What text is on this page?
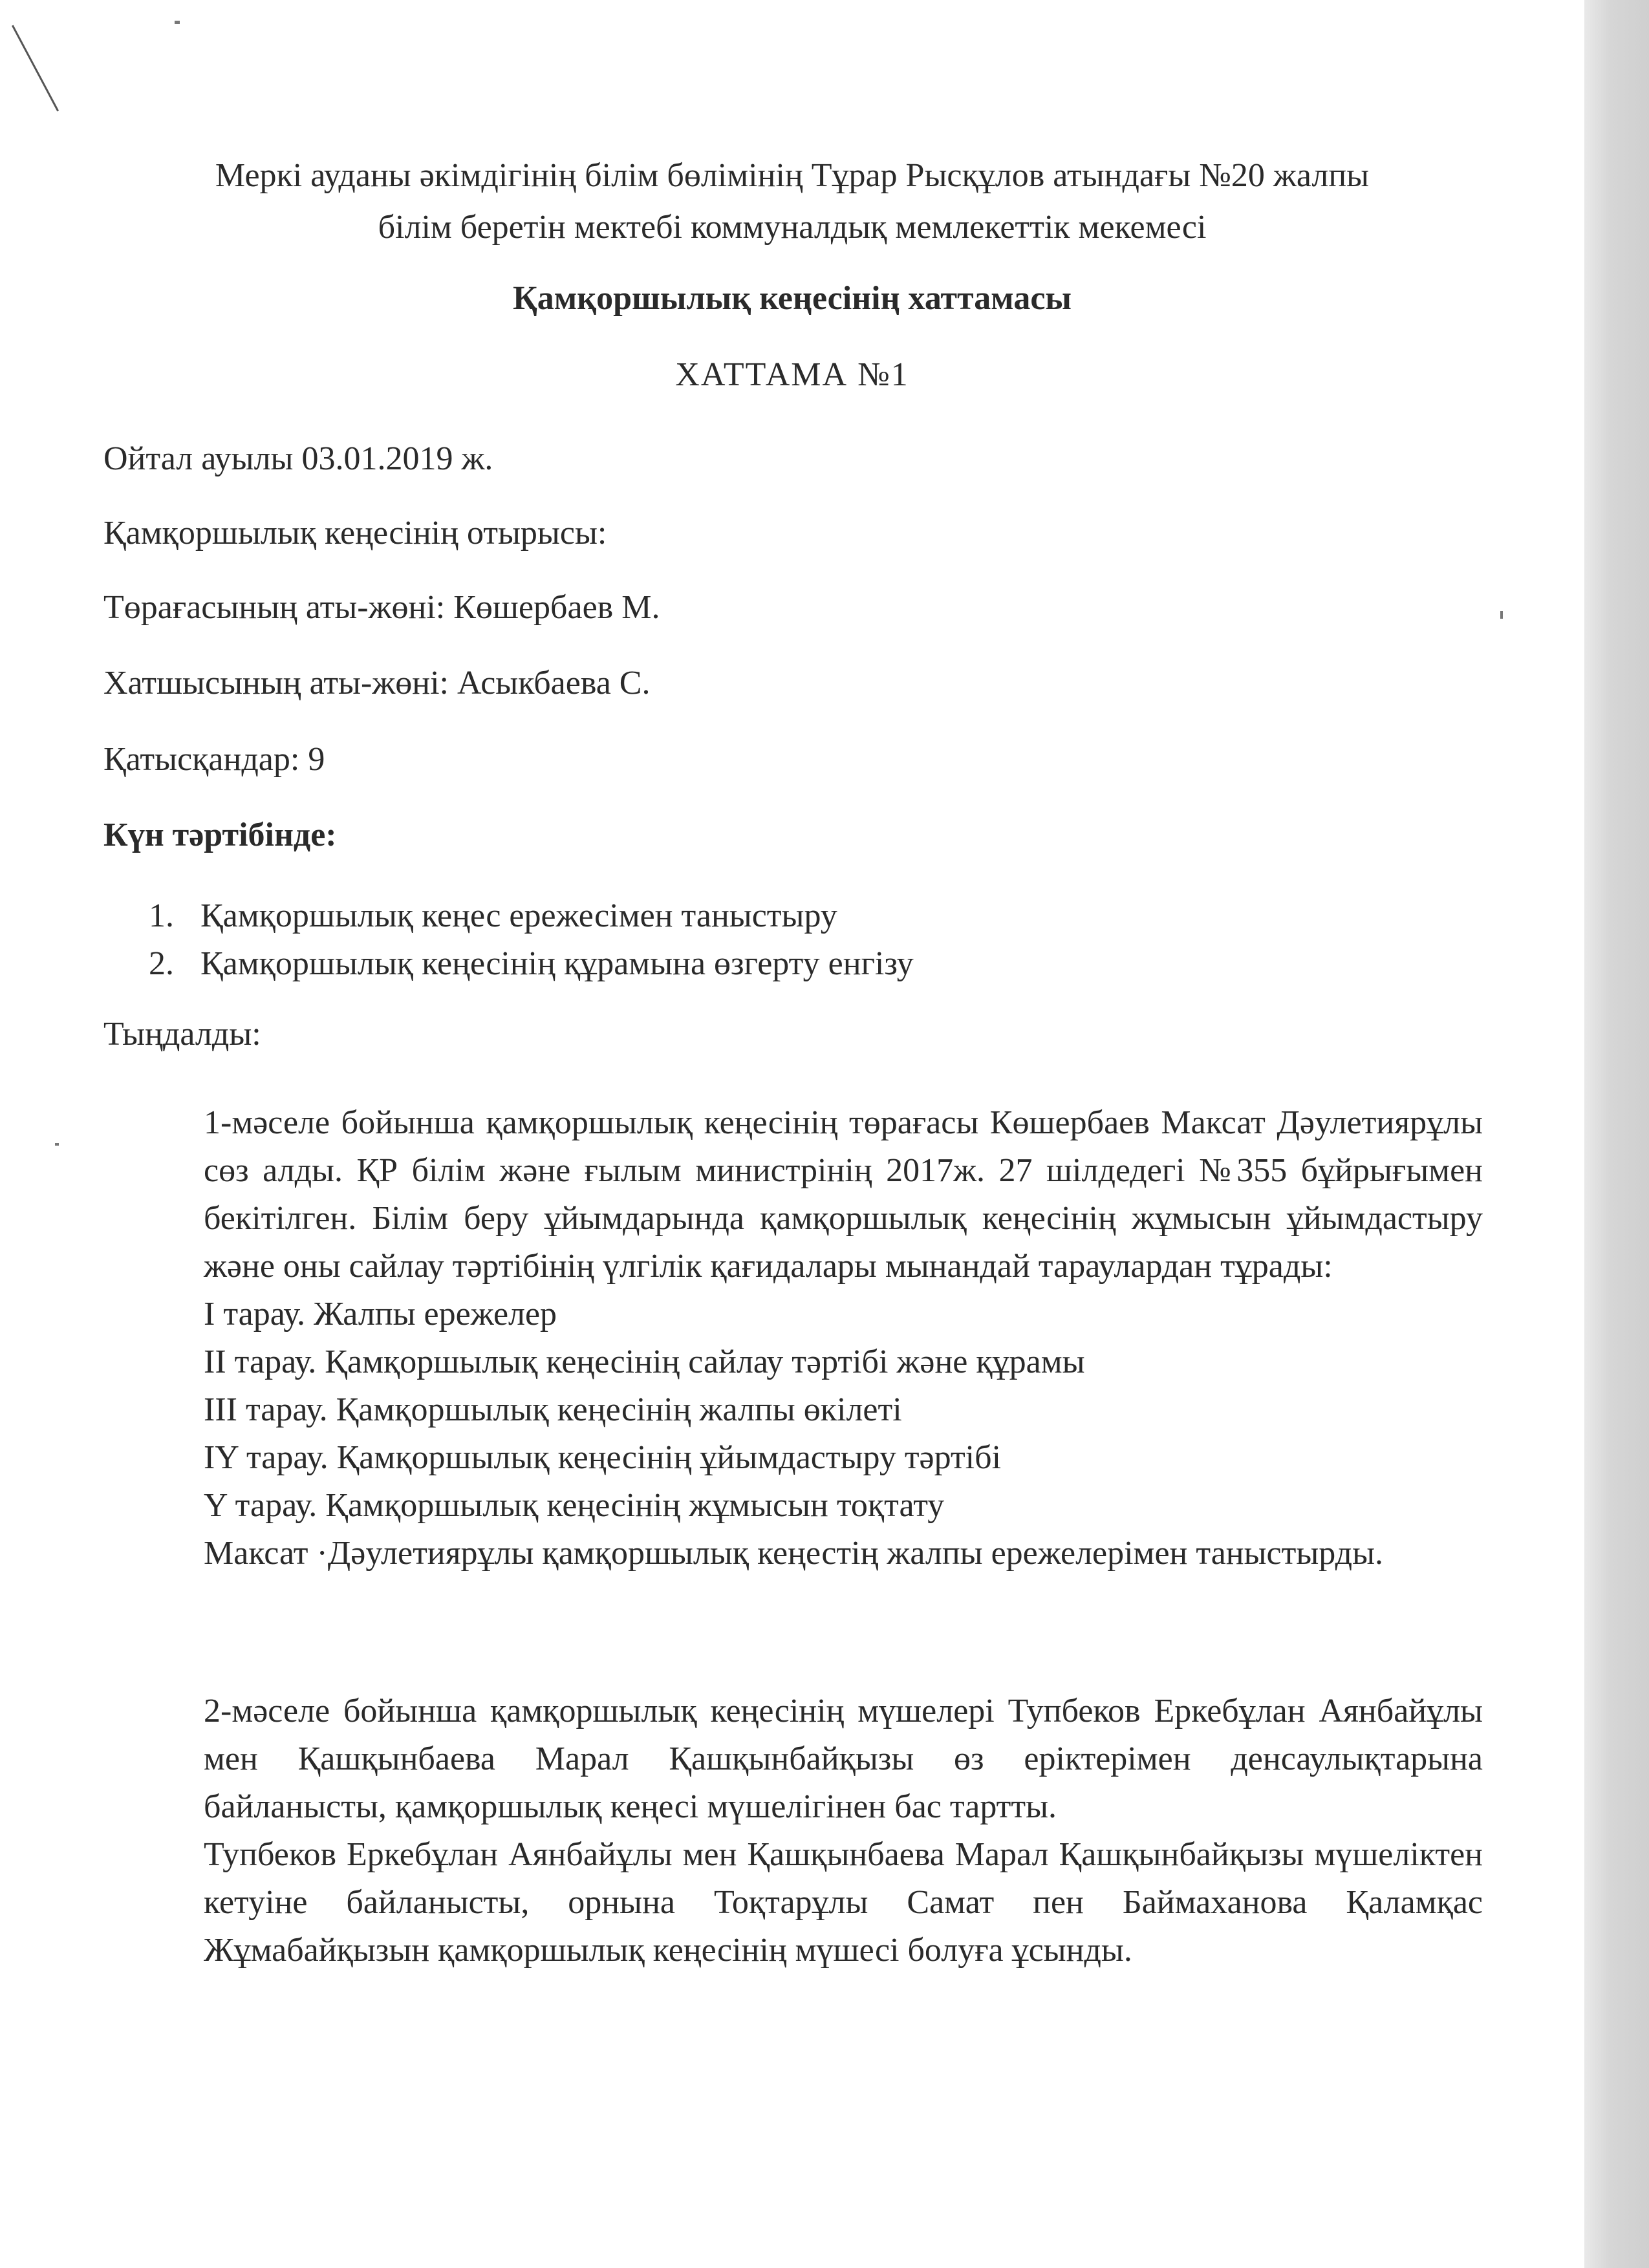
Меркі ауданы әкімдігінің білім бөлімінің Тұрар Рысқұлов атындағы №20 жалпы
білім беретін мектебі коммуналдық мемлекеттік мекемесі
Қамқоршылық кеңесінің хаттамасы
ХАТТАМА №1
Ойтал ауылы 03.01.2019 ж.
Қамқоршылық кеңесінің отырысы:
Төрағасының аты-жөні: Көшербаев М.
Хатшысының аты-жөні: Асыкбаева С.
Қатысқандар: 9
Күн тәртібінде:
1. Қамқоршылық кеңес ережесімен таныстыру
2. Қамқоршылық кеңесінің құрамына өзгерту енгізу
Тыңдалды:

1-мәселе бойынша қамқоршылық кеңесінің төрағасы Көшербаев Максат Дәулетиярұлы сөз алды. ҚР білім және ғылым министрінің 2017ж. 27 шілдедегі №355 бұйрығымен бекітілген. Білім беру ұйымдарында қамқоршылық кеңесінің жұмысын ұйымдастыру және оны сайлау тәртібінің үлгілік қағидалары мынандай тараулардан тұрады:

І тарау. Жалпы ережелер

ІІ тарау. Қамқоршылық кеңесінің сайлау тәртібі және құрамы

ІІІ тарау. Қамқоршылық кеңесінің жалпы өкілеті

ІY тарау. Қамқоршылық кеңесінің ұйымдастыру тәртібі

Y тарау. Қамқоршылық кеңесінің жұмысын тоқтату

Максат ·Дәулетиярұлы қамқоршылық кеңестің жалпы ережелерімен таныстырды.

2-мәселе бойынша қамқоршылық кеңесінің мүшелері Тупбеков Еркебұлан Аянбайұлы мен Қашқынбаева Марал Қашқынбайқызы өз еріктерімен денсаулықтарына байланысты, қамқоршылық кеңесі мүшелігінен бас тартты.

Тупбеков Еркебұлан Аянбайұлы мен Қашқынбаева Марал Қашқынбайқызы мүшеліктен кетуіне байланысты, орнына Тоқтарұлы Самат пен Баймаханова Қаламқас Жұмабайқызын қамқоршылық кеңесінің мүшесі болуға ұсынды.
